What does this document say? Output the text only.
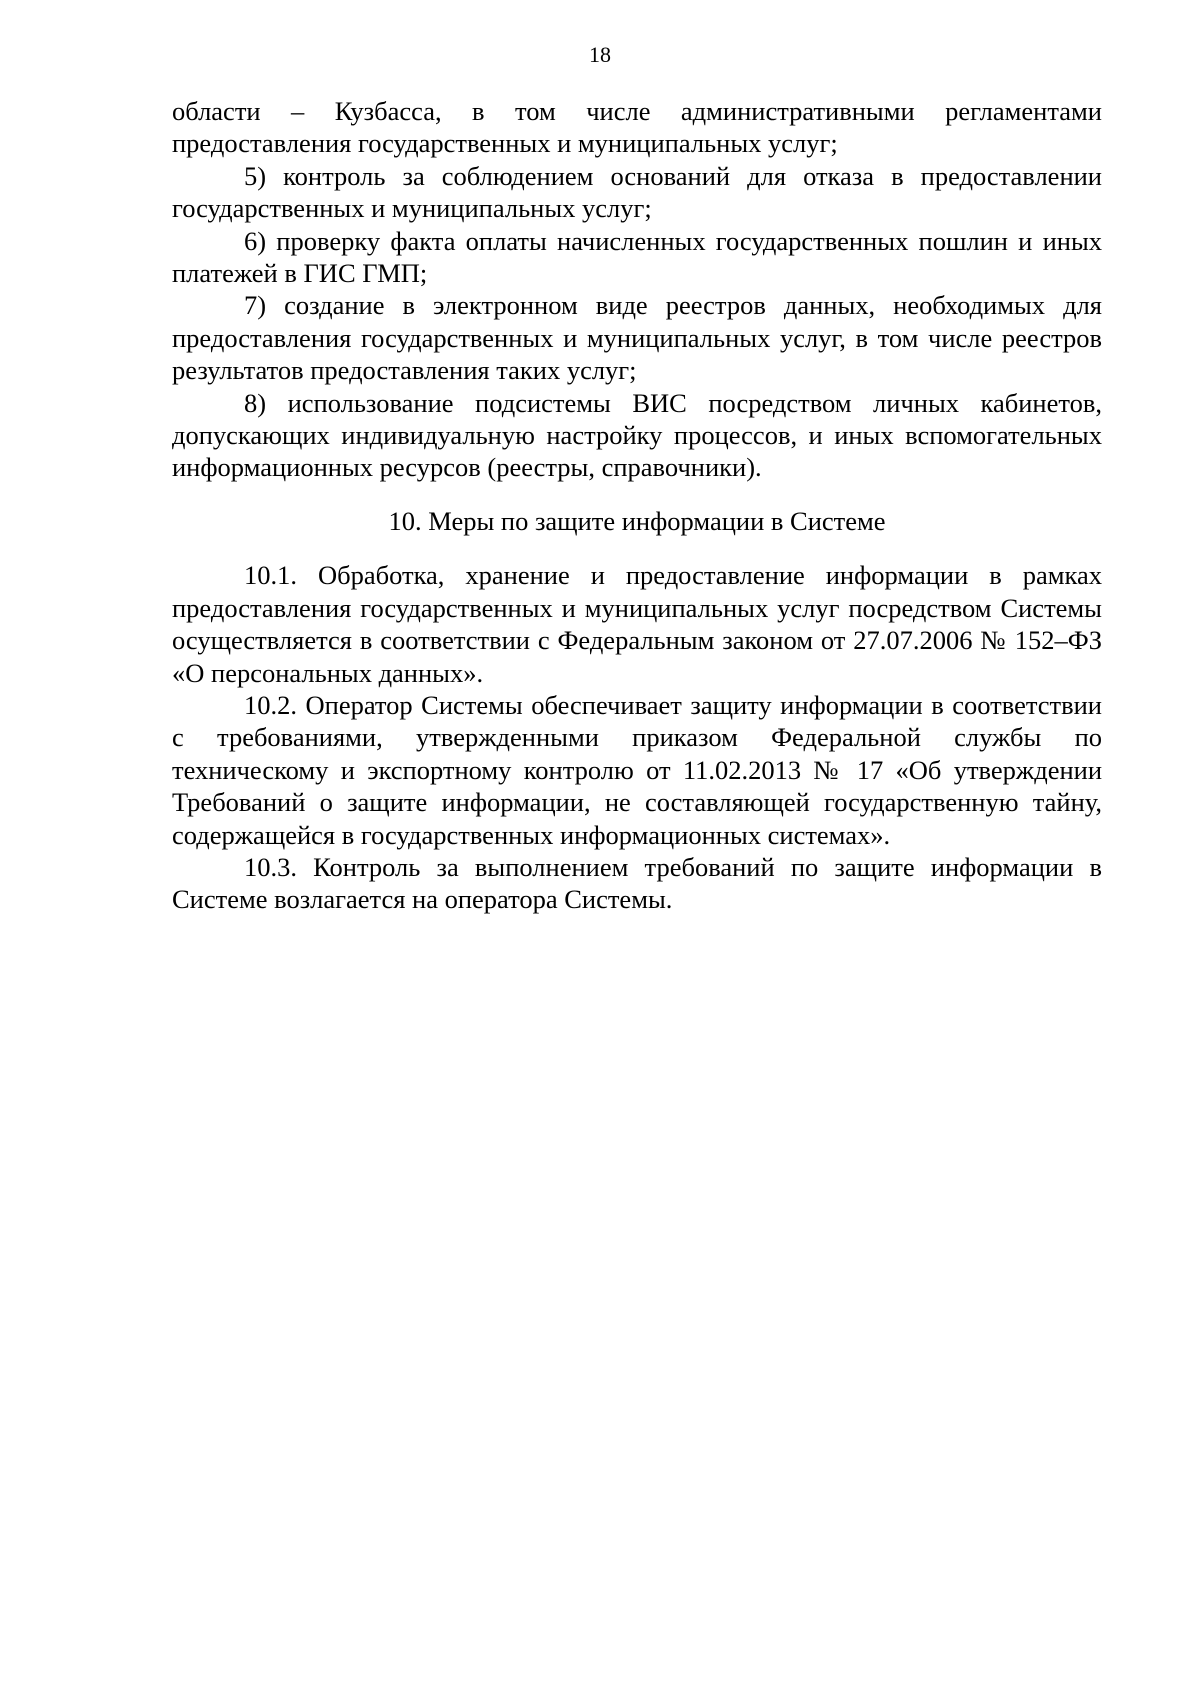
18

области – Кузбасса, в том числе административными регламентами предоставления государственных и муниципальных услуг;

5) контроль за соблюдением оснований для отказа в предоставлении государственных и муниципальных услуг;

6) проверку факта оплаты начисленных государственных пошлин и иных платежей в ГИС ГМП;

7) создание в электронном виде реестров данных, необходимых для предоставления государственных и муниципальных услуг, в том числе реестров результатов предоставления таких услуг;

8) использование подсистемы ВИС посредством личных кабинетов, допускающих индивидуальную настройку процессов, и иных вспомогательных информационных ресурсов (реестры, справочники).

10. Меры по защите информации в Системе

10.1. Обработка, хранение и предоставление информации в рамках предоставления государственных и муниципальных услуг посредством Системы осуществляется в соответствии с Федеральным законом от 27.07.2006 № 152–ФЗ «О персональных данных».

10.2. Оператор Системы обеспечивает защиту информации в соответствии с требованиями, утвержденными приказом Федеральной службы по техническому и экспортному контролю от 11.02.2013 № 17 «Об утверждении Требований о защите информации, не составляющей государственную тайну, содержащейся в государственных информационных системах».

10.3. Контроль за выполнением требований по защите информации в Системе возлагается на оператора Системы.
